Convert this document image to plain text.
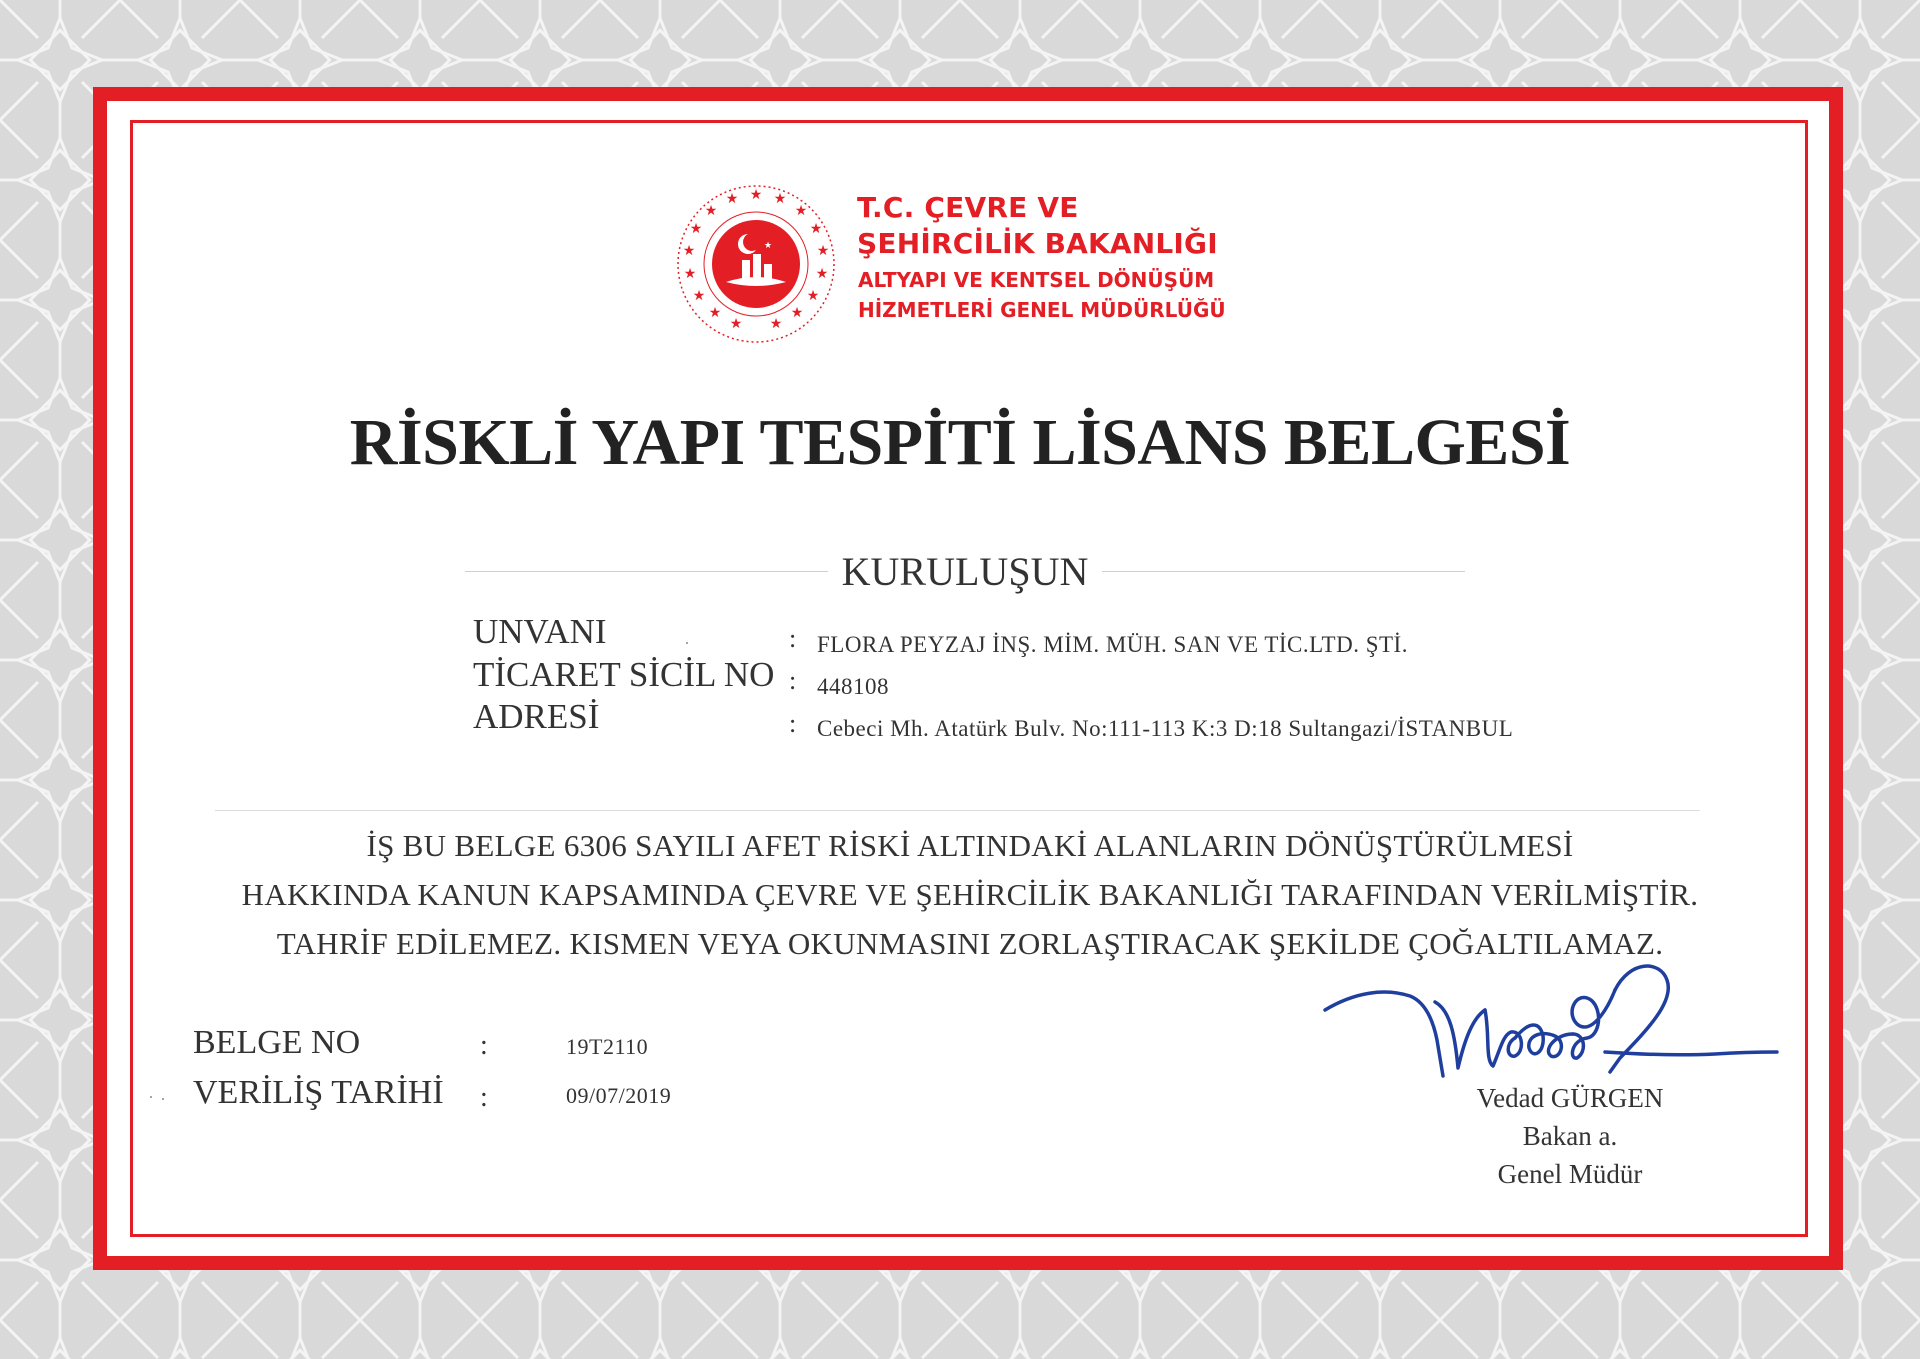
★ ★
★
★
★
★
★
★
★
★
★
★
★
★
★
★
★
★
T.C. ÇEVRE VE
ŞEHİRCİLİK BAKANLIĞI
ALTYAPI VE KENTSEL DÖNÜŞÜM
HİZMETLERİ GENEL MÜDÜRLÜĞÜ
RİSKLİ YAPI TESPİTİ LİSANS BELGESİ
KURULUŞUN
UNVANI	: FLORA PEYZAJ İNŞ. MİM. MÜH. SAN VE TİC.LTD. ŞTİ.
TİCARET SİCİL NO : 448108
ADRESİ	: Cebeci Mh. Atatürk Bulv. No:111-113 K:3 D:18 Sultangazi/İSTANBUL
İŞ BU BELGE 6306 SAYILI AFET RİSKİ ALTINDAKİ ALANLARIN DÖNÜŞTÜRÜLMESİ
HAKKINDA KANUN KAPSAMINDA ÇEVRE VE ŞEHİRCİLİK BAKANLIĞI TARAFINDAN VERİLMİŞTİR.
TAHRİF EDİLEMEZ. KISMEN VEYA OKUNMASINI ZORLAŞTIRACAK ŞEKİLDE ÇOĞALTILAMAZ.
BELGE NO	:	19T2110
VERİLİŞ TARİHİ :	09/07/2019	Vedad GÜRGEN
Bakan a.
Genel Müdür
